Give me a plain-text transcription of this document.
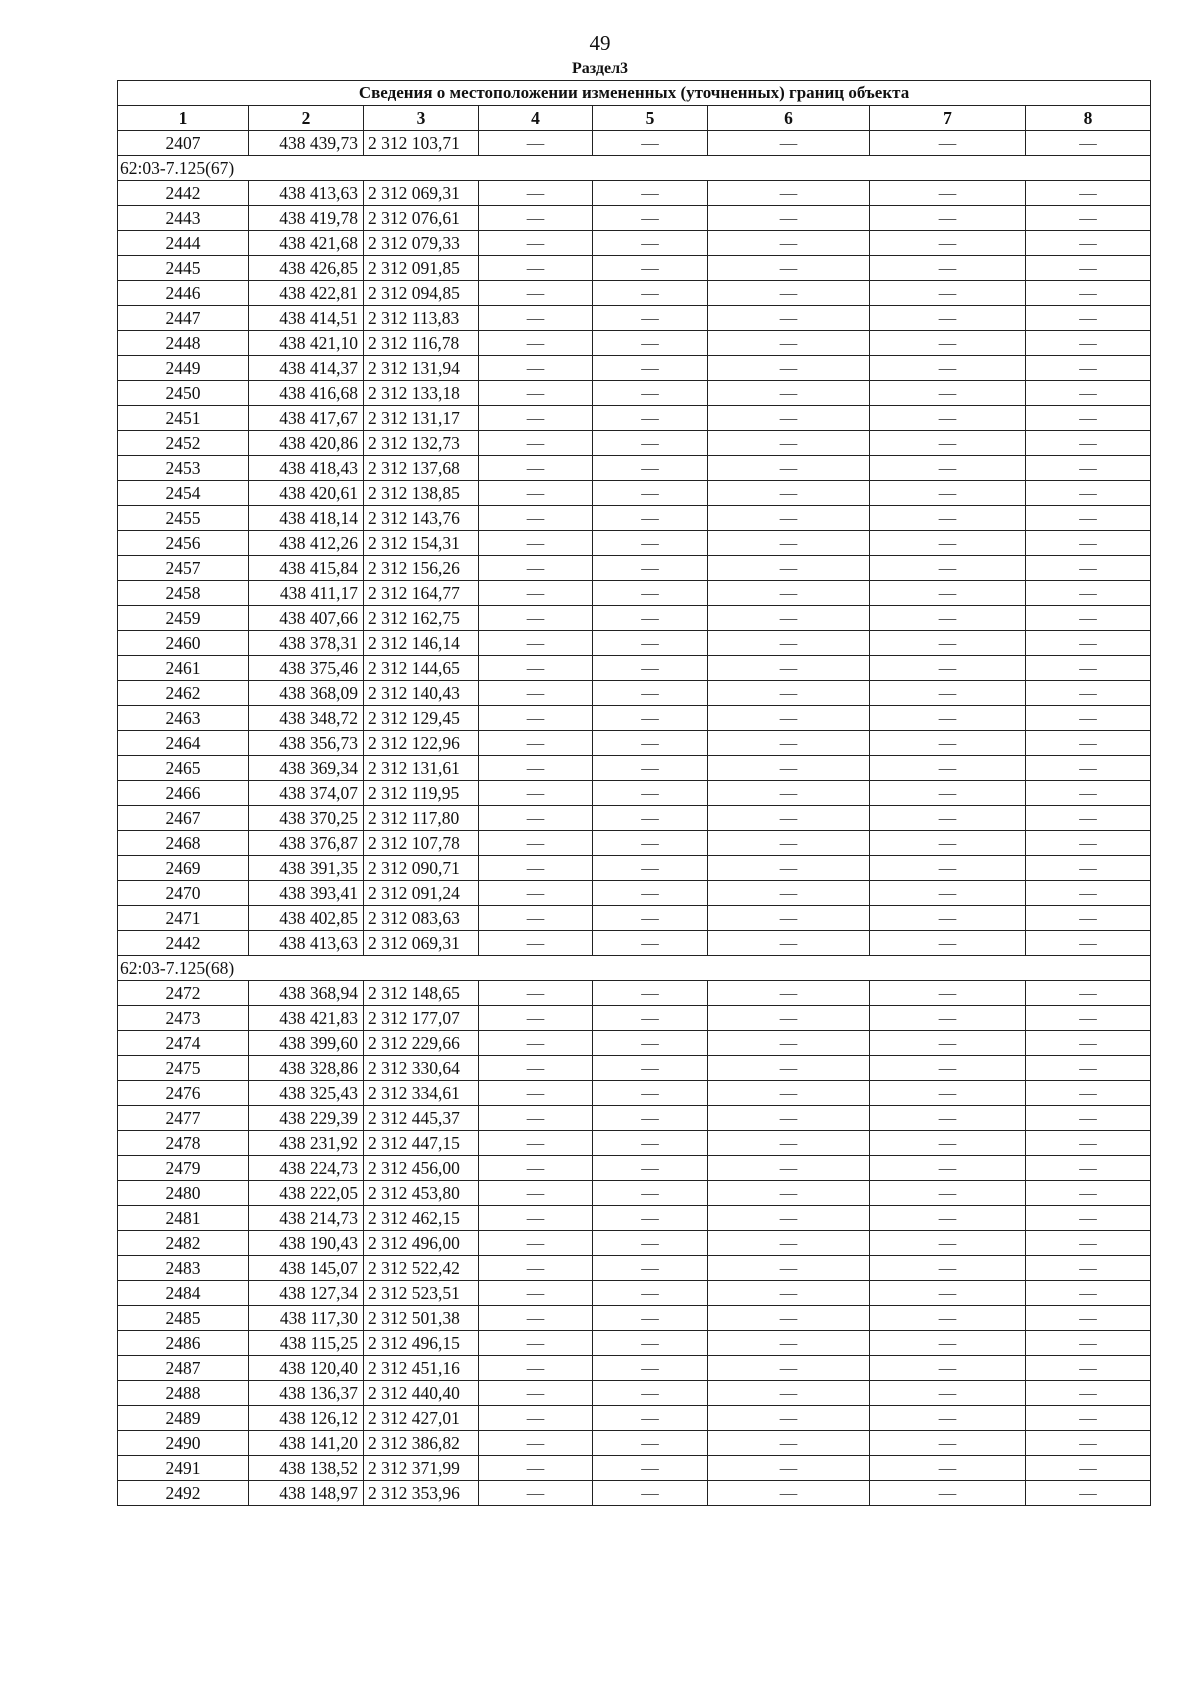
49
Раздел3
Сведения о местоположении измененных (уточненных) границ объекта							
1	2	3	4	5	6	7	8
2407	438 439,73	2 312 103,71	—	—	—	—	—
62:03-7.125(67)							
2442	438 413,63	2 312 069,31	—	—	—	—	—
2443	438 419,78	2 312 076,61	—	—	—	—	—
2444	438 421,68	2 312 079,33	—	—	—	—	—
2445	438 426,85	2 312 091,85	—	—	—	—	—
2446	438 422,81	2 312 094,85	—	—	—	—	—
2447	438 414,51	2 312 113,83	—	—	—	—	—
2448	438 421,10	2 312 116,78	—	—	—	—	—
2449	438 414,37	2 312 131,94	—	—	—	—	—
2450	438 416,68	2 312 133,18	—	—	—	—	—
2451	438 417,67	2 312 131,17	—	—	—	—	—
2452	438 420,86	2 312 132,73	—	—	—	—	—
2453	438 418,43	2 312 137,68	—	—	—	—	—
2454	438 420,61	2 312 138,85	—	—	—	—	—
2455	438 418,14	2 312 143,76	—	—	—	—	—
2456	438 412,26	2 312 154,31	—	—	—	—	—
2457	438 415,84	2 312 156,26	—	—	—	—	—
2458	438 411,17	2 312 164,77	—	—	—	—	—
2459	438 407,66	2 312 162,75	—	—	—	—	—
2460	438 378,31	2 312 146,14	—	—	—	—	—
2461	438 375,46	2 312 144,65	—	—	—	—	—
2462	438 368,09	2 312 140,43	—	—	—	—	—
2463	438 348,72	2 312 129,45	—	—	—	—	—
2464	438 356,73	2 312 122,96	—	—	—	—	—
2465	438 369,34	2 312 131,61	—	—	—	—	—
2466	438 374,07	2 312 119,95	—	—	—	—	—
2467	438 370,25	2 312 117,80	—	—	—	—	—
2468	438 376,87	2 312 107,78	—	—	—	—	—
2469	438 391,35	2 312 090,71	—	—	—	—	—
2470	438 393,41	2 312 091,24	—	—	—	—	—
2471	438 402,85	2 312 083,63	—	—	—	—	—
2442	438 413,63	2 312 069,31	—	—	—	—	—
62:03-7.125(68)							
2472	438 368,94	2 312 148,65	—	—	—	—	—
2473	438 421,83	2 312 177,07	—	—	—	—	—
2474	438 399,60	2 312 229,66	—	—	—	—	—
2475	438 328,86	2 312 330,64	—	—	—	—	—
2476	438 325,43	2 312 334,61	—	—	—	—	—
2477	438 229,39	2 312 445,37	—	—	—	—	—
2478	438 231,92	2 312 447,15	—	—	—	—	—
2479	438 224,73	2 312 456,00	—	—	—	—	—
2480	438 222,05	2 312 453,80	—	—	—	—	—
2481	438 214,73	2 312 462,15	—	—	—	—	—
2482	438 190,43	2 312 496,00	—	—	—	—	—
2483	438 145,07	2 312 522,42	—	—	—	—	—
2484	438 127,34	2 312 523,51	—	—	—	—	—
2485	438 117,30	2 312 501,38	—	—	—	—	—
2486	438 115,25	2 312 496,15	—	—	—	—	—
2487	438 120,40	2 312 451,16	—	—	—	—	—
2488	438 136,37	2 312 440,40	—	—	—	—	—
2489	438 126,12	2 312 427,01	—	—	—	—	—
2490	438 141,20	2 312 386,82	—	—	—	—	—
2491	438 138,52	2 312 371,99	—	—	—	—	—
2492	438 148,97	2 312 353,96	—	—	—	—	—
